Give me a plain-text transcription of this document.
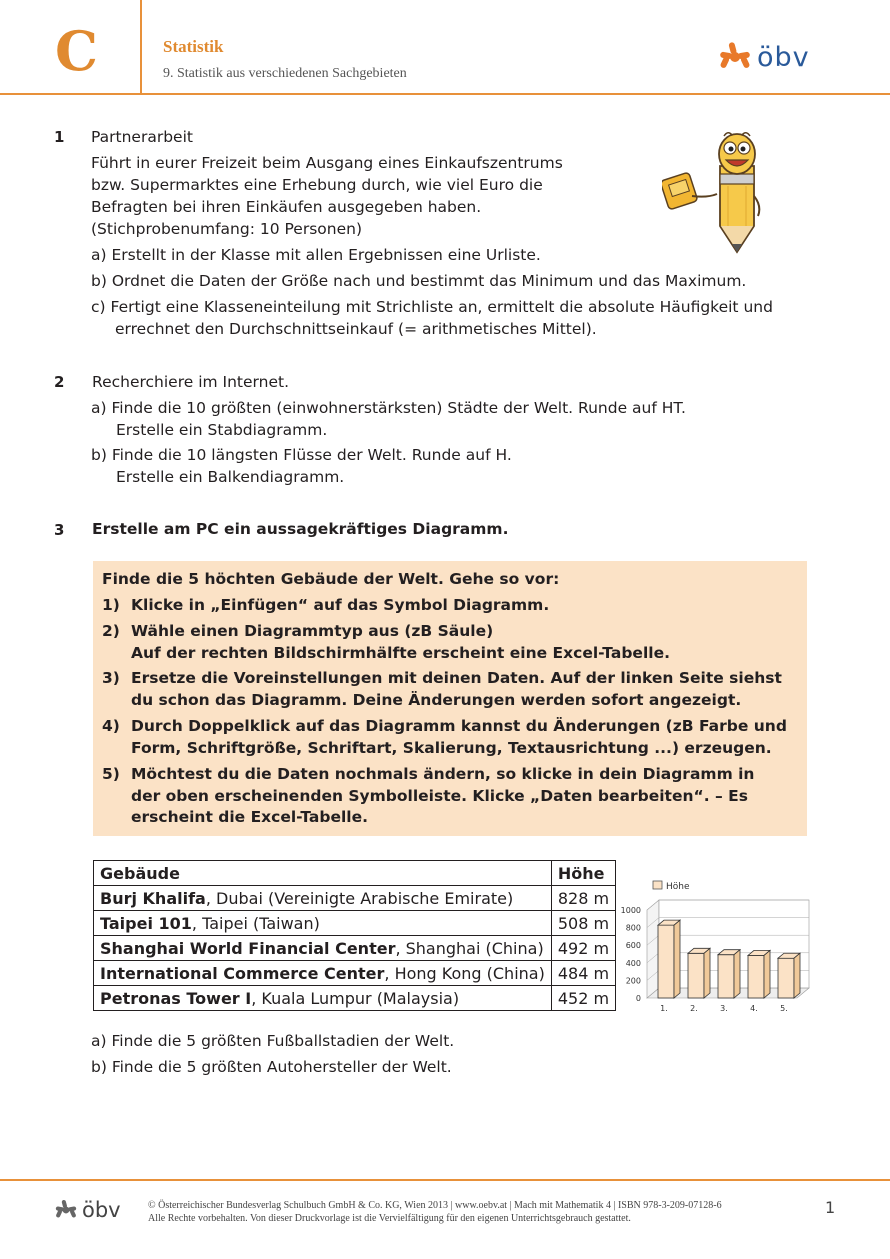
C	Statistik
9. Statistik aus verschiedenen Sachgebieten
öbv
1 Partnerarbeit
Führt in eurer Freizeit beim Ausgang eines Einkaufszentrums
bzw. Supermarktes eine Erhebung durch, wie viel Euro die
Befragten bei ihren Einkäufen ausgegeben haben.
(Stichprobenumfang: 10 Personen)
a) Erstellt in der Klasse mit allen Ergebnissen eine Urliste.
b) Ordnet die Daten der Größe nach und bestimmt das Minimum und das Maximum.
c) Fertigt eine Klasseneinteilung mit Strichliste an, ermittelt die absolute Häufigkeit und
errechnet den Durchschnittseinkauf (= arithmetisches Mittel).
2 Recherchiere im Internet.
a) Finde die 10 größten (einwohnerstärksten) Städte der Welt. Runde auf HT.
Erstelle ein Stabdiagramm.
b) Finde die 10 längsten Flüsse der Welt. Runde auf H.
Erstelle ein Balkendiagramm.
3 Erstelle am PC ein aussagekräftiges Diagramm.
Finde die 5 höchten Gebäude der Welt. Gehe so vor:
1) Klicke in „Einfügen“ auf das Symbol Diagramm.
2) Wähle einen Diagrammtyp aus (zB Säule)
Auf der rechten Bildschirmhälfte erscheint eine Excel-Tabelle.
3) Ersetze die Voreinstellungen mit deinen Daten. Auf der linken Seite siehst
du schon das Diagramm. Deine Änderungen werden sofort angezeigt.
4) Durch Doppelklick auf das Diagramm kannst du Änderungen (zB Farbe und
Form, Schriftgröße, Schriftart, Skalierung, Textausrichtung ...) erzeugen.
5) Möchtest du die Daten nochmals ändern, so klicke in dein Diagramm in
der oben erscheinenden Symbolleiste. Klicke „Daten bearbeiten“. – Es
erscheint die Excel-Tabelle.
Gebäude	Höhe
Burj Khalifa, Dubai (Vereinigte Arabische Emirate)	828 m
Taipei 101, Taipei (Taiwan)	508 m
Shanghai World Financial Center, Shanghai (China)	492 m
International Commerce Center, Hong Kong (China)	484 m
Petronas Tower I, Kuala Lumpur (Malaysia)	452 m	0
200
400
600
800
1000
1.	2.	3.	4.	5.
Höhe
a) Finde die 5 größten Fußballstadien der Welt.
b) Finde die 5 größten Autohersteller der Welt.
öbv	© Österreichischer Bundesverlag Schulbuch GmbH & Co. KG, Wien 2013 | www.oebv.at | Mach mit Mathematik 4 | ISBN 978-3-209-07128-6
Alle Rechte vorbehalten. Von dieser Druckvorlage ist die Vervielfältigung für den eigenen Unterrichtsgebrauch gestattet.
1
